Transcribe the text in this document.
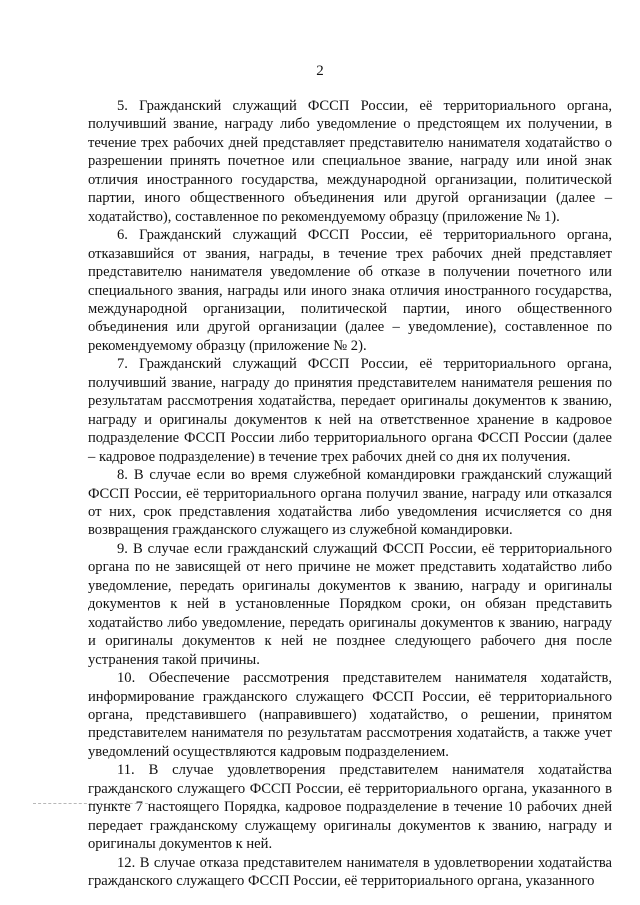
2

5. Гражданский служащий ФССП России, её территориального органа, получивший звание, награду либо уведомление о предстоящем их получении, в течение трех рабочих дней представляет представителю нанимателя ходатайство о разрешении принять почетное или специальное звание, награду или иной знак отличия иностранного государства, международной организации, политической партии, иного общественного объединения или другой организации (далее – ходатайство), составленное по рекомендуемому образцу (приложение № 1).

6. Гражданский служащий ФССП России, её территориального органа, отказавшийся от звания, награды, в течение трех рабочих дней представляет представителю нанимателя уведомление об отказе в получении почетного или специального звания, награды или иного знака отличия иностранного государства, международной организации, политической партии, иного общественного объединения или другой организации (далее – уведомление), составленное по рекомендуемому образцу (приложение № 2).

7. Гражданский служащий ФССП России, её территориального органа, получивший звание, награду до принятия представителем нанимателя решения по результатам рассмотрения ходатайства, передает оригиналы документов к званию, награду и оригиналы документов к ней на ответственное хранение в кадровое подразделение ФССП России либо территориального органа ФССП России (далее – кадровое подразделение) в течение трех рабочих дней со дня их получения.

8. В случае если во время служебной командировки гражданский служащий ФССП России, её территориального органа получил звание, награду или отказался от них, срок представления ходатайства либо уведомления исчисляется со дня возвращения гражданского служащего из служебной командировки.

9. В случае если гражданский служащий ФССП России, её территориального органа по не зависящей от него причине не может представить ходатайство либо уведомление, передать оригиналы документов к званию, награду и оригиналы документов к ней в установленные Порядком сроки, он обязан представить ходатайство либо уведомление, передать оригиналы документов к званию, награду и оригиналы документов к ней не позднее следующего рабочего дня после устранения такой причины.

10. Обеспечение рассмотрения представителем нанимателя ходатайств, информирование гражданского служащего ФССП России, её территориального органа, представившего (направившего) ходатайство, о решении, принятом представителем нанимателя по результатам рассмотрения ходатайств, а также учет уведомлений осуществляются кадровым подразделением.

11. В случае удовлетворения представителем нанимателя ходатайства гражданского служащего ФССП России, её территориального органа, указанного в пункте 7 настоящего Порядка, кадровое подразделение в течение 10 рабочих дней передает гражданскому служащему оригиналы документов к званию, награду и оригиналы документов к ней.

12. В случае отказа представителем нанимателя в удовлетворении ходатайства гражданского служащего ФССП России, её территориального органа, указанного
